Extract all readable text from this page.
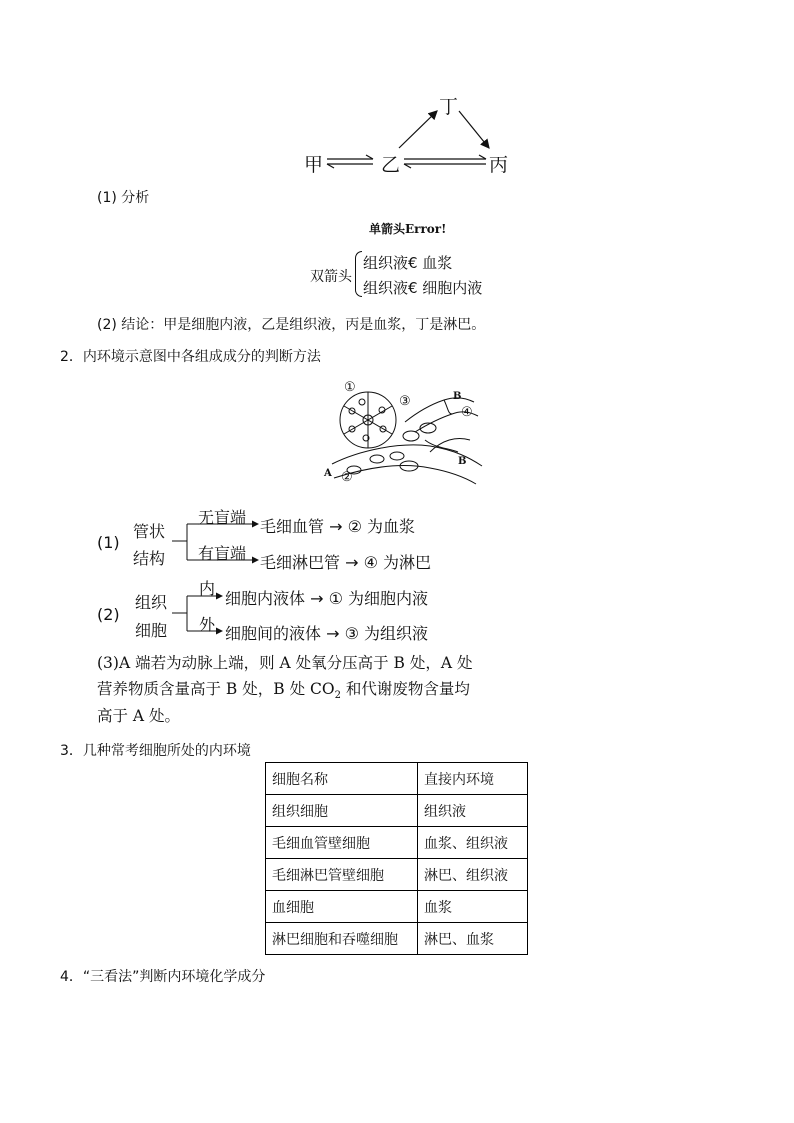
甲	乙	丙
丁
(1) 分析
单箭头Error!
双箭头
组织液€ 血浆
组织液€ 细胞内液
(2) 结论：甲是细胞内液，乙是组织液，丙是血浆，丁是淋巴。
2．内环境示意图中各组成成分的判断方法
①
③
④
②
A
B
B
(1)
管状
结构
无盲端 毛细血管 → ② 为血浆
有盲端 毛细淋巴管 → ④ 为淋巴
(2)
组织
细胞
内
细胞内液体 → ① 为细胞内液
外 细胞间的液体 → ③ 为组织液
(3)A 端若为动脉上端，则 A 处氧分压高于 B 处，A 处
营养物质含量高于 B 处，B 处 $CO_2$ 和代谢废物含量均
高于 A 处。
3．几种常考细胞所处的内环境
细胞名称	直接内环境
组织细胞	组织液
毛细血管壁细胞	血浆、组织液
毛细淋巴管壁细胞	淋巴、组织液
血细胞	血浆
淋巴细胞和吞噬细胞	淋巴、血浆
4．“三看法”判断内环境化学成分
